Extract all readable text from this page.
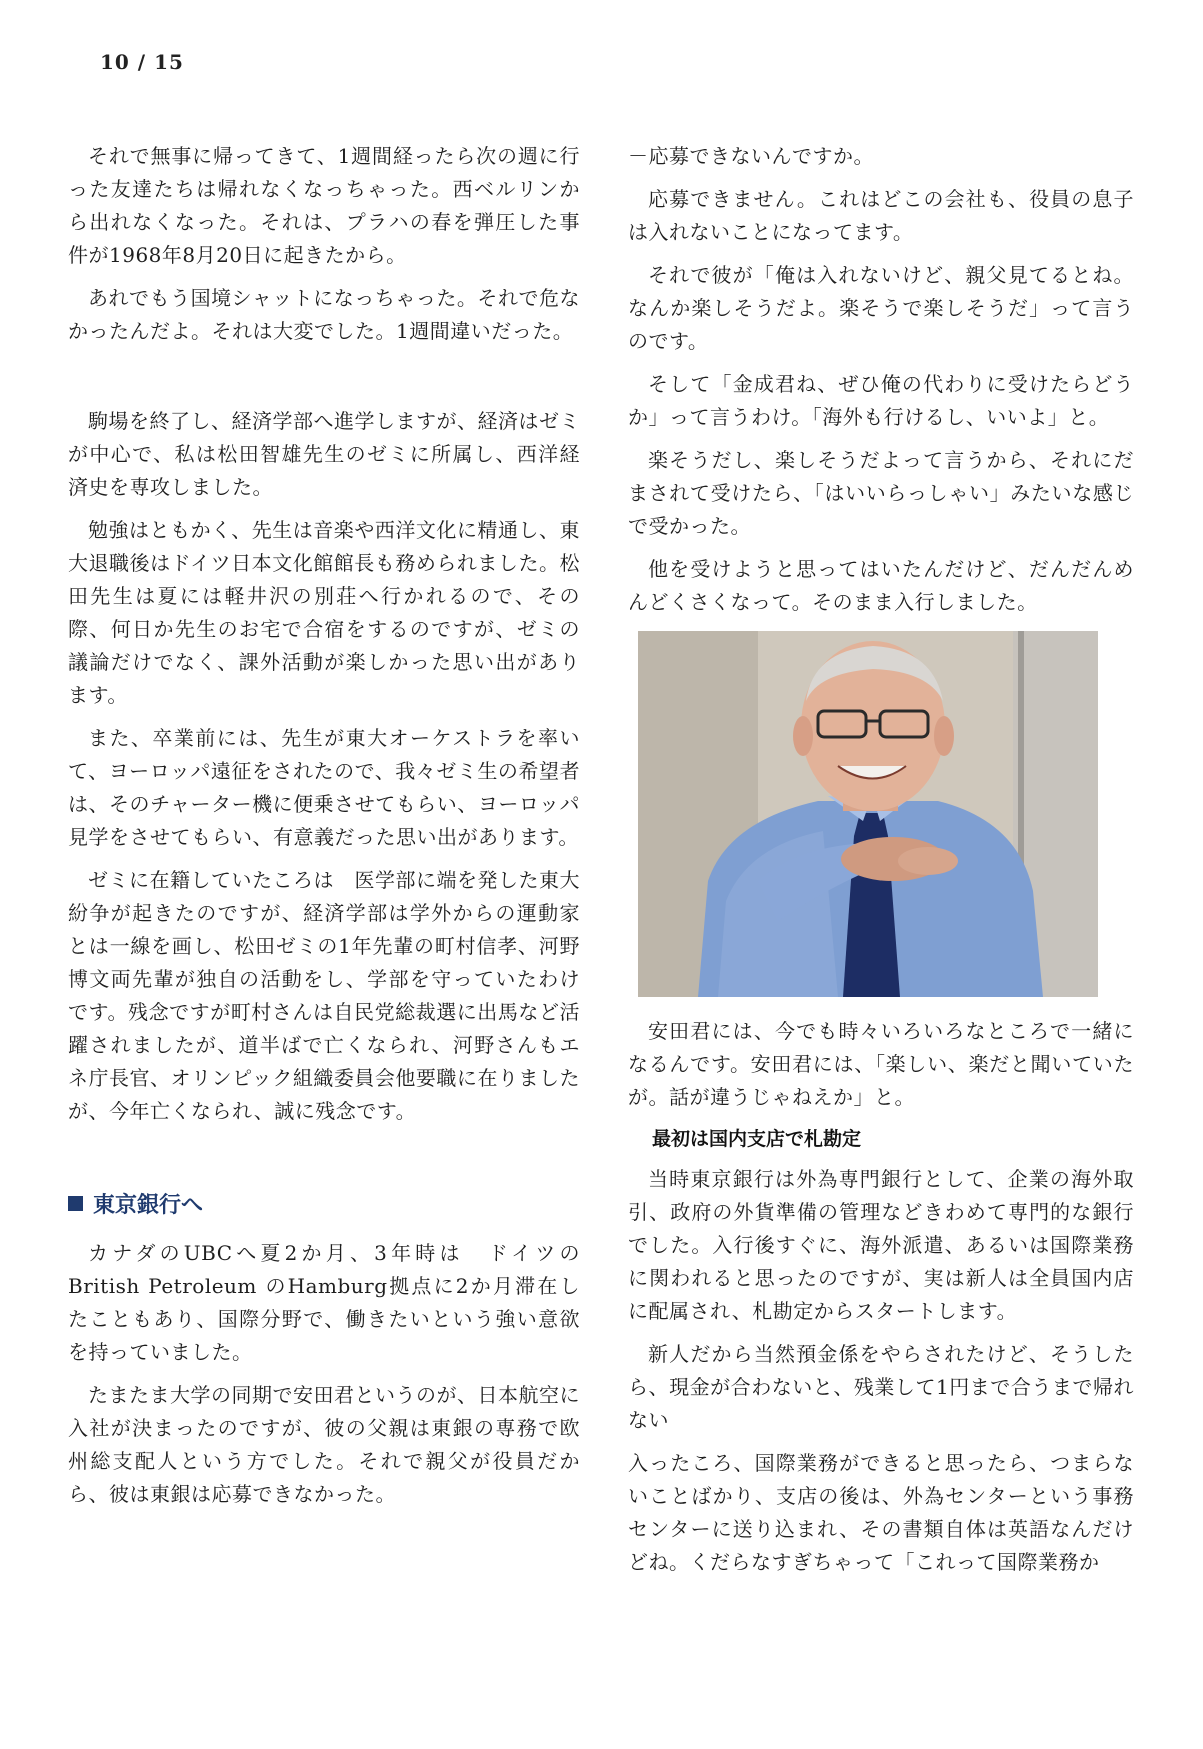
10 / 15

それで無事に帰ってきて、1週間経ったら次の週に行った友達たちは帰れなくなっちゃった。西ベルリンから出れなくなった。それは、プラハの春を弾圧した事件が1968年8月20日に起きたから。

あれでもう国境シャットになっちゃった。それで危なかったんだよ。それは大変でした。1週間違いだった。

駒場を終了し、経済学部へ進学しますが、経済はゼミが中心で、私は松田智雄先生のゼミに所属し、西洋経済史を専攻しました。

勉強はともかく、先生は音楽や西洋文化に精通し、東大退職後はドイツ日本文化館館長も務められました。松田先生は夏には軽井沢の別荘へ行かれるので、その際、何日か先生のお宅で合宿をするのですが、ゼミの議論だけでなく、課外活動が楽しかった思い出があります。

また、卒業前には、先生が東大オーケストラを率いて、ヨーロッパ遠征をされたので、我々ゼミ生の希望者は、そのチャーター機に便乗させてもらい、ヨーロッパ見学をさせてもらい、有意義だった思い出があります。

ゼミに在籍していたころは　医学部に端を発した東大紛争が起きたのですが、経済学部は学外からの運動家とは一線を画し、松田ゼミの1年先輩の町村信孝、河野博文両先輩が独自の活動をし、学部を守っていたわけです。残念ですが町村さんは自民党総裁選に出馬など活躍されましたが、道半ばで亡くなられ、河野さんもエネ庁長官、オリンピック組織委員会他要職に在りましたが、今年亡くなられ、誠に残念です。

東京銀行へ

カナダのUBCへ夏2か月、3年時は　ドイツのBritish Petroleum のHamburg拠点に2か月滞在したこともあり、国際分野で、働きたいという強い意欲を持っていました。

たまたま大学の同期で安田君というのが、日本航空に入社が決まったのですが、彼の父親は東銀の専務で欧州総支配人という方でした。それで親父が役員だから、彼は東銀は応募できなかった。

－応募できないんですか。

応募できません。これはどこの会社も、役員の息子は入れないことになってます。

それで彼が「俺は入れないけど、親父見てるとね。なんか楽しそうだよ。楽そうで楽しそうだ」って言うのです。

そして「金成君ね、ぜひ俺の代わりに受けたらどうか」って言うわけ。「海外も行けるし、いいよ」と。

楽そうだし、楽しそうだよって言うから、それにだまされて受けたら、「はいいらっしゃい」みたいな感じで受かった。

他を受けようと思ってはいたんだけど、だんだんめんどくさくなって。そのまま入行しました。

安田君には、今でも時々いろいろなところで一緒になるんです。安田君には、「楽しい、楽だと聞いていたが。話が違うじゃねえか」と。

最初は国内支店で札勘定

当時東京銀行は外為専門銀行として、企業の海外取引、政府の外貨準備の管理などきわめて専門的な銀行でした。入行後すぐに、海外派遣、あるいは国際業務に関われると思ったのですが、実は新人は全員国内店に配属され、札勘定からスタートします。

新人だから当然預金係をやらされたけど、そうしたら、現金が合わないと、残業して1円まで合うまで帰れない

入ったころ、国際業務ができると思ったら、つまらないことばかり、支店の後は、外為センターという事務センターに送り込まれ、その書類自体は英語なんだけどね。くだらなすぎちゃって「これって国際業務か
